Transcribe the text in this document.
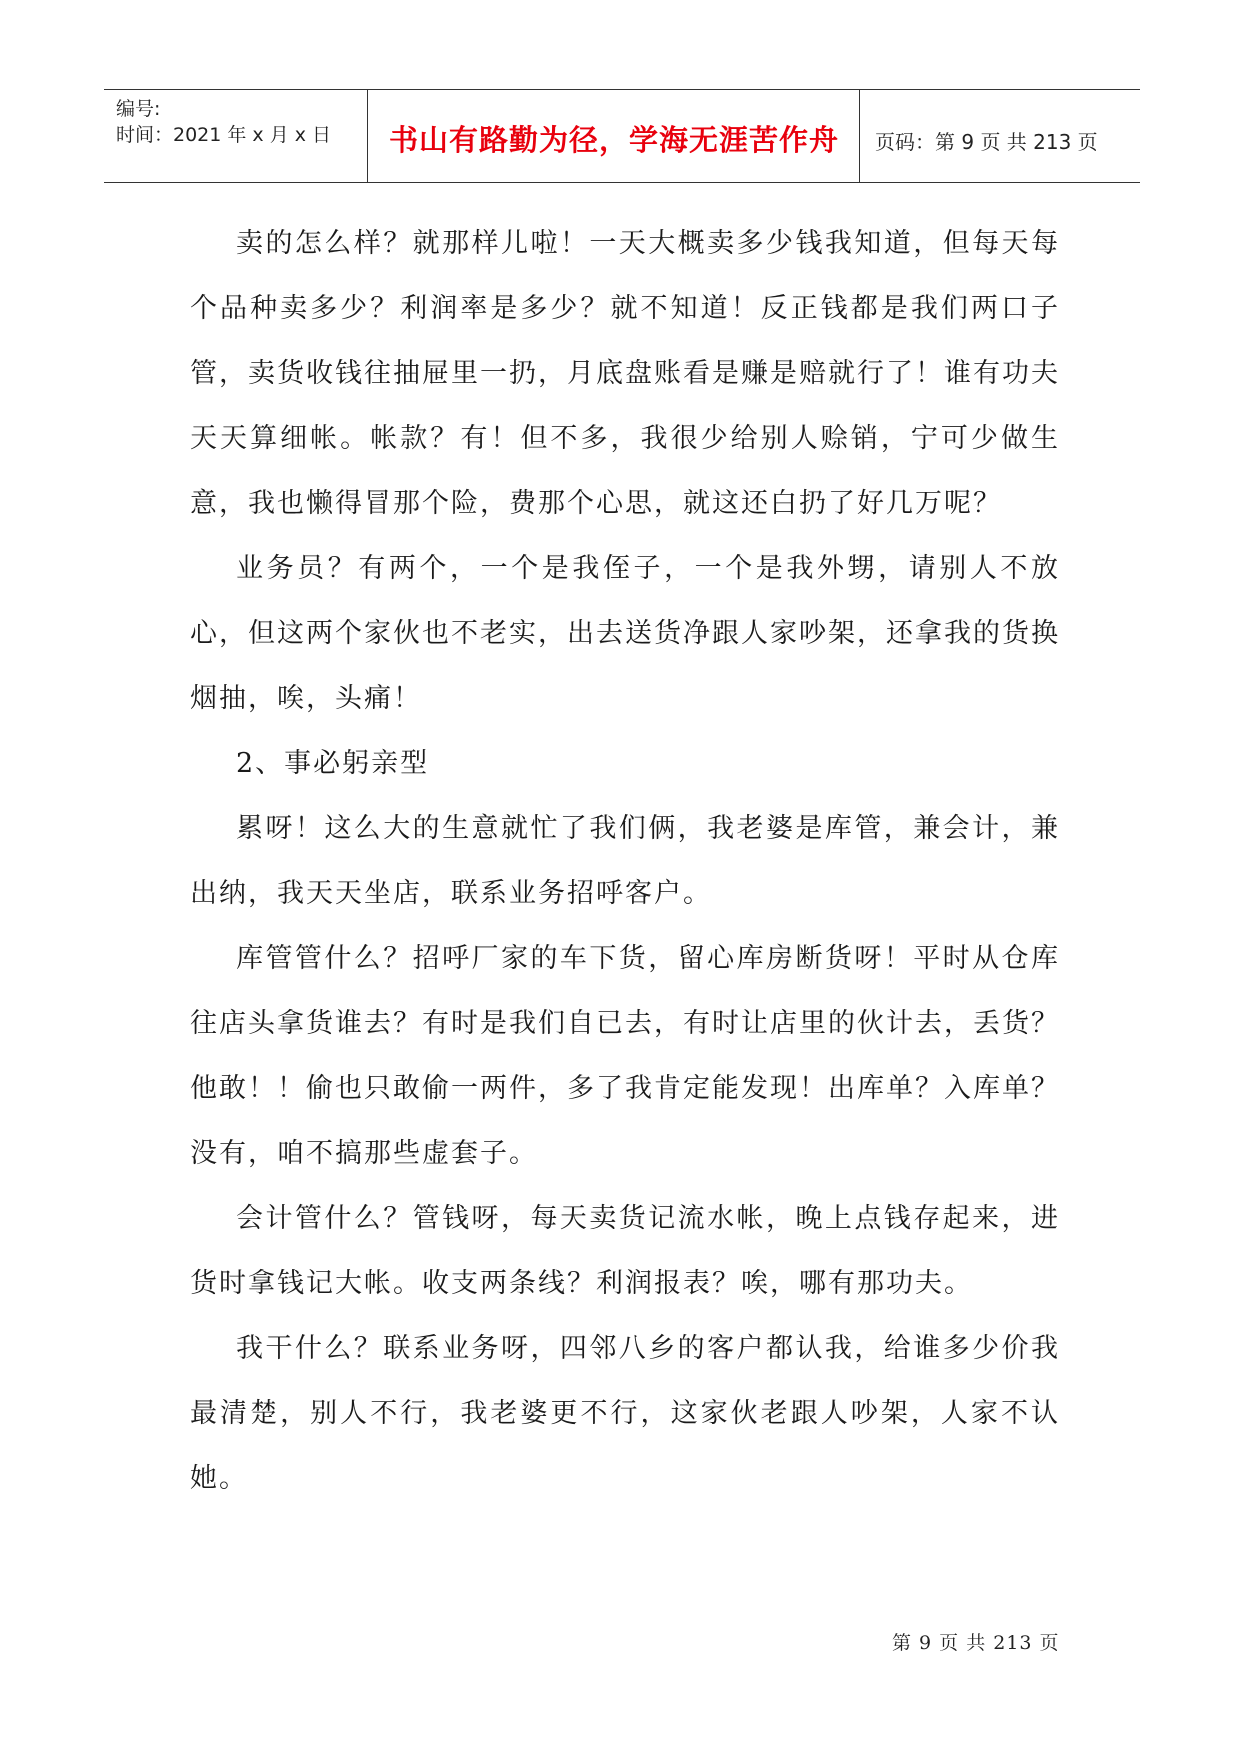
编号:
时间：2021 年 x 月 x 日	书山有路勤为径，学海无涯苦作舟	页码：第 9 页 共 213 页

卖的怎么样？就那样儿啦！一天大概卖多少钱我知道，但每天每个品种卖多少？利润率是多少？就不知道！反正钱都是我们两口子管，卖货收钱往抽屉里一扔，月底盘账看是赚是赔就行了！谁有功夫天天算细帐。帐款？有！但不多，我很少给别人赊销，宁可少做生意，我也懒得冒那个险，费那个心思，就这还白扔了好几万呢？

业务员？有两个，一个是我侄子，一个是我外甥，请别人不放心，但这两个家伙也不老实，出去送货净跟人家吵架，还拿我的货换烟抽，唉，头痛！

2、事必躬亲型

累呀！这么大的生意就忙了我们俩，我老婆是库管，兼会计，兼出纳，我天天坐店，联系业务招呼客户。

库管管什么？招呼厂家的车下货，留心库房断货呀！平时从仓库往店头拿货谁去？有时是我们自已去，有时让店里的伙计去，丢货？他敢！！偷也只敢偷一两件，多了我肯定能发现！出库单？入库单？没有，咱不搞那些虚套子。

会计管什么？管钱呀，每天卖货记流水帐，晚上点钱存起来，进货时拿钱记大帐。收支两条线？利润报表？唉，哪有那功夫。

我干什么？联系业务呀，四邻八乡的客户都认我，给谁多少价我最清楚，别人不行，我老婆更不行，这家伙老跟人吵架，人家不认她。

第 9 页 共 213 页
